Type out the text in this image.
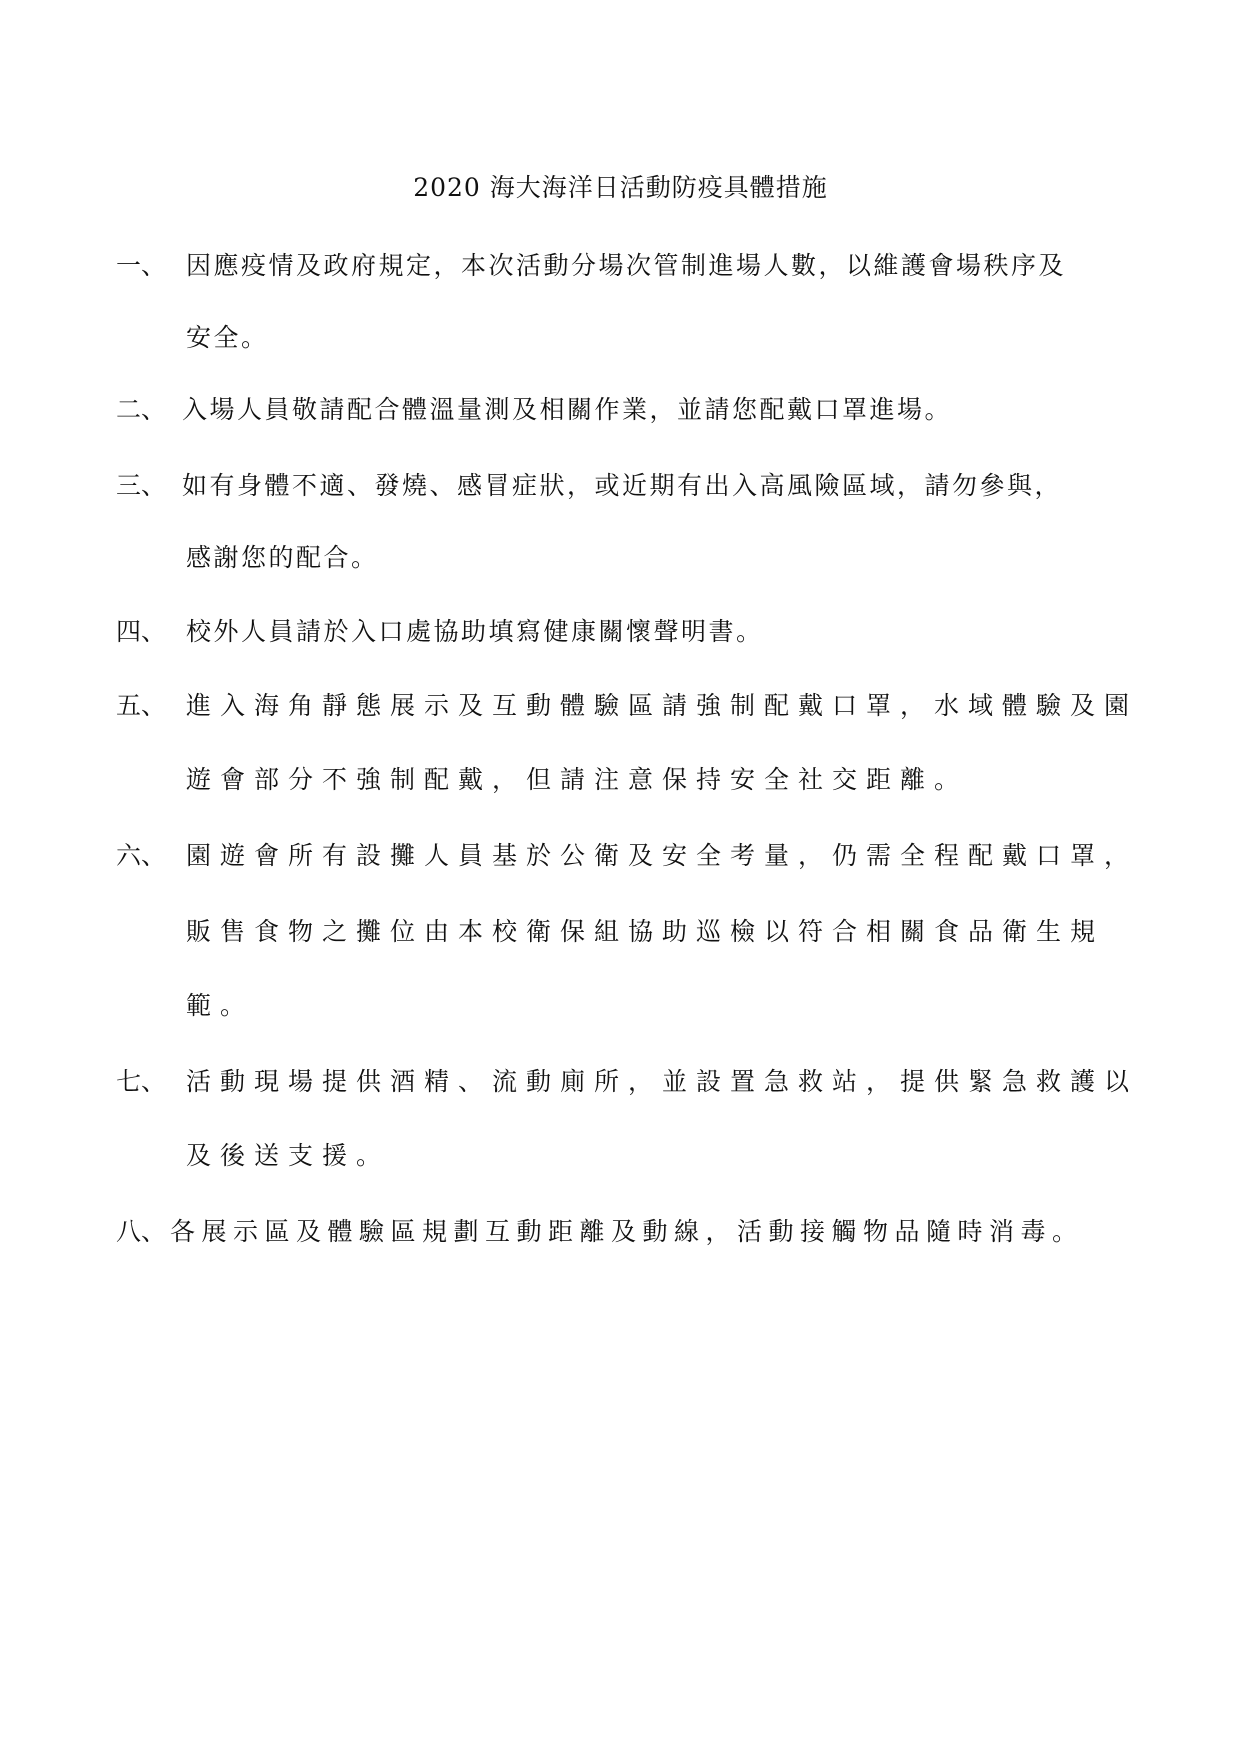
2020 海大海洋日活動防疫具體措施
一、 因應疫情及政府規定，本次活動分場次管制進場人數，以維護會場秩序及

安全。

二、 入場人員敬請配合體溫量測及相關作業，並請您配戴口罩進場。

三、 如有身體不適、發燒、感冒症狀，或近期有出入高風險區域，請勿參與，

感謝您的配合。

四、 校外人員請於入口處協助填寫健康關懷聲明書。

五、 進入海角靜態展示及互動體驗區請強制配戴口罩，水域體驗及園

遊會部分不強制配戴，但請注意保持安全社交距離。

六、 園遊會所有設攤人員基於公衛及安全考量，仍需全程配戴口罩，

販售食物之攤位由本校衛保組協助巡檢以符合相關食品衛生規

範。

七、 活動現場提供酒精、流動廁所，並設置急救站，提供緊急救護以

及後送支援。

八、 各展示區及體驗區規劃互動距離及動線，活動接觸物品隨時消毒。
